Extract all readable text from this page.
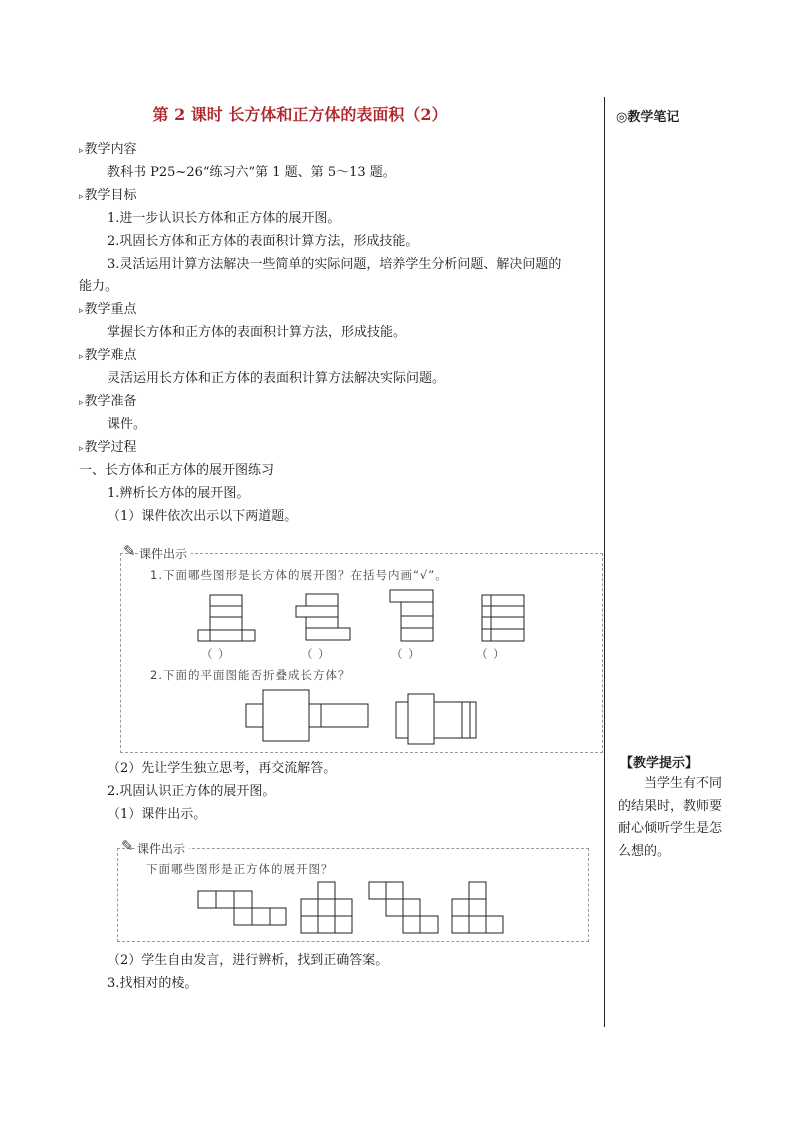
第 2 课时 长方体和正方体的表面积（2）	◎教学笔记
【教学提示】
当学生有不同的结果时，教师要耐心倾听学生是怎么想的。
▹教学内容
教科书 P25~26“练习六”第 1 题、第 5～13 题。
▹教学目标
1.进一步认识长方体和正方体的展开图。
2.巩固长方体和正方体的表面积计算方法，形成技能。
3.灵活运用计算方法解决一些简单的实际问题，培养学生分析问题、解决问题的
能力。
▹教学重点
掌握长方体和正方体的表面积计算方法，形成技能。
▹教学难点
灵活运用长方体和正方体的表面积计算方法解决实际问题。
▹教学准备
课件。
▹教学过程
一、长方体和正方体的展开图练习
1.辨析长方体的展开图。
（1）课件依次出示以下两道题。
✎ 课件出示
1.下面哪些图形是长方体的展开图？在括号内画“√”。
2.下面的平面图能否折叠成长方体？
（ ）	（ ）	（ ）	（ ）
（2）先让学生独立思考，再交流解答。
2.巩固认识正方体的展开图。
（1）课件出示。
✎ 课件出示
下面哪些图形是正方体的展开图？
（2）学生自由发言，进行辨析，找到正确答案。
3.找相对的棱。
